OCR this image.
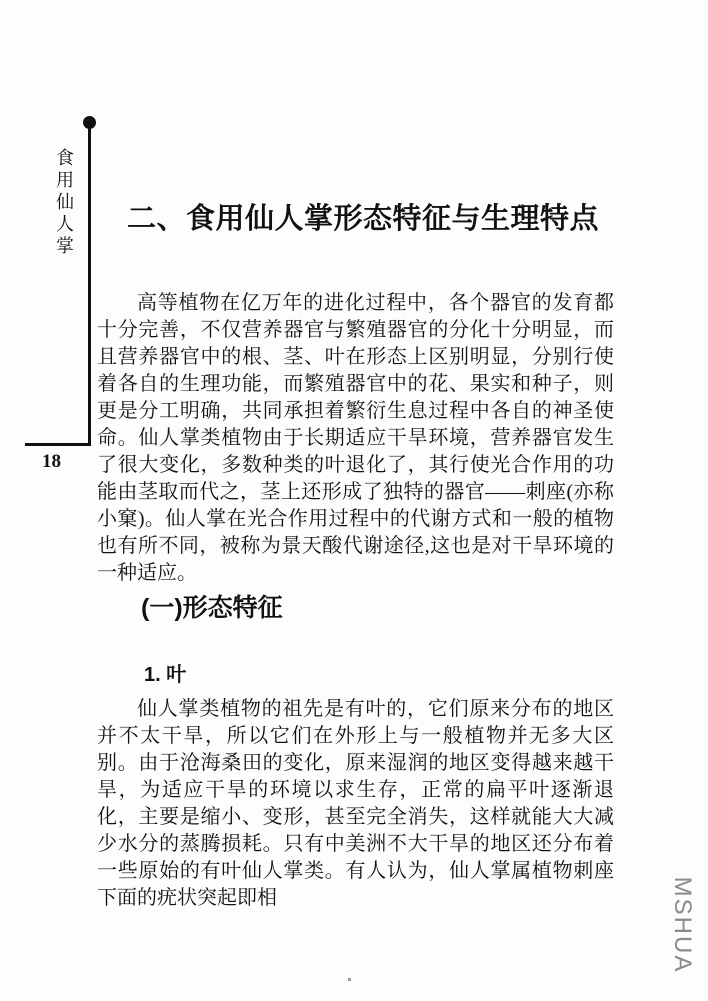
食用仙人掌
18
二、食用仙人掌形态特征与生理特点

高等植物在亿万年的进化过程中，各个器官的发育都十分完善，不仅营养器官与繁殖器官的分化十分明显，而且营养器官中的根、茎、叶在形态上区别明显，分别行使着各自的生理功能，而繁殖器官中的花、果实和种子，则更是分工明确，共同承担着繁衍生息过程中各自的神圣使命。仙人掌类植物由于长期适应干旱环境，营养器官发生了很大变化，多数种类的叶退化了，其行使光合作用的功能由茎取而代之，茎上还形成了独特的器官——刺座(亦称小窠)。仙人掌在光合作用过程中的代谢方式和一般的植物也有所不同，被称为景天酸代谢途径,这也是对干旱环境的一种适应。

(一)形态特征
1. 叶

仙人掌类植物的祖先是有叶的，它们原来分布的地区并不太干旱，所以它们在外形上与一般植物并无多大区别。由于沧海桑田的变化，原来湿润的地区变得越来越干旱，为适应干旱的环境以求生存，正常的扁平叶逐渐退化，主要是缩小、变形，甚至完全消失，这样就能大大减少水分的蒸腾损耗。只有中美洲不大干旱的地区还分布着一些原始的有叶仙人掌类。有人认为，仙人掌属植物刺座下面的疣状突起即相	MSHUA
